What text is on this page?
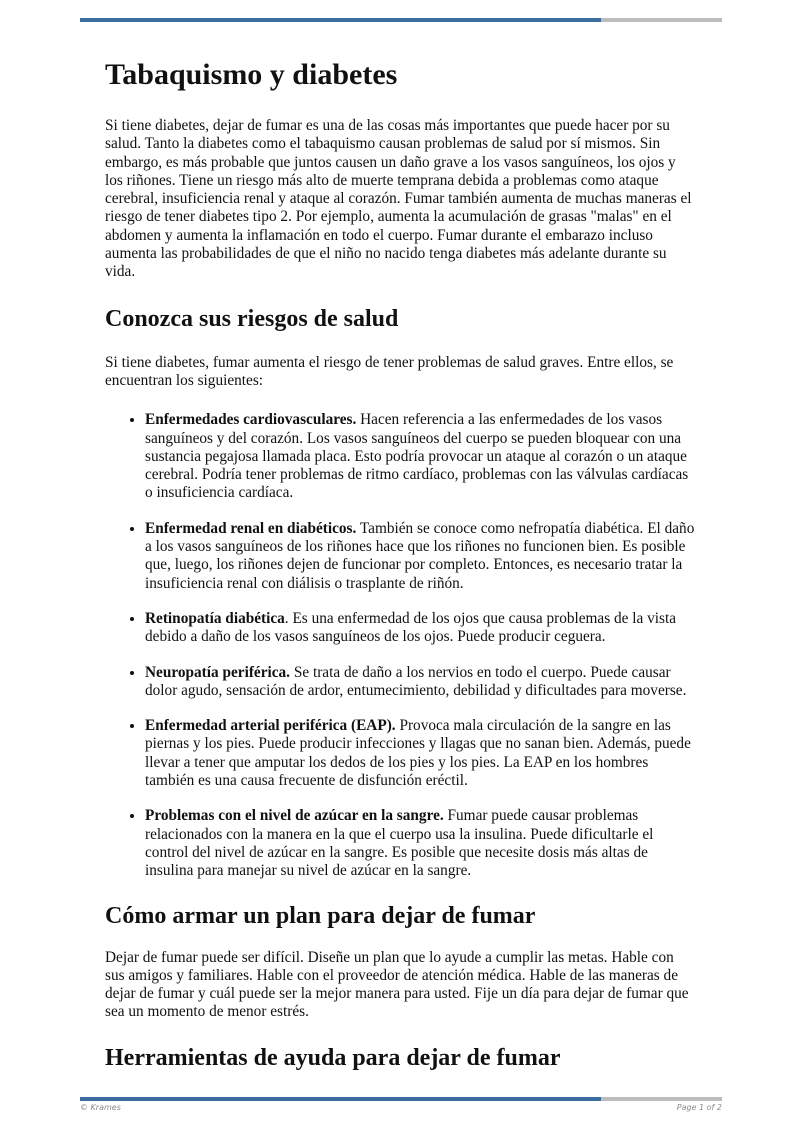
Tabaquismo y diabetes

Si tiene diabetes, dejar de fumar es una de las cosas más importantes que puede hacer por su salud. Tanto la diabetes como el tabaquismo causan problemas de salud por sí mismos. Sin embargo, es más probable que juntos causen un daño grave a los vasos sanguíneos, los ojos y los riñones. Tiene un riesgo más alto de muerte temprana debida a problemas como ataque cerebral, insuficiencia renal y ataque al corazón. Fumar también aumenta de muchas maneras el riesgo de tener diabetes tipo 2. Por ejemplo, aumenta la acumulación de grasas "malas" en el abdomen y aumenta la inflamación en todo el cuerpo. Fumar durante el embarazo incluso aumenta las probabilidades de que el niño no nacido tenga diabetes más adelante durante su vida.

Conozca sus riesgos de salud

Si tiene diabetes, fumar aumenta el riesgo de tener problemas de salud graves. Entre ellos, se encuentran los siguientes:

• Enfermedades cardiovasculares. Hacen referencia a las enfermedades de los vasos sanguíneos y del corazón. Los vasos sanguíneos del cuerpo se pueden bloquear con una sustancia pegajosa llamada placa. Esto podría provocar un ataque al corazón o un ataque cerebral. Podría tener problemas de ritmo cardíaco, problemas con las válvulas cardíacas o insuficiencia cardíaca.
• Enfermedad renal en diabéticos. También se conoce como nefropatía diabética. El daño a los vasos sanguíneos de los riñones hace que los riñones no funcionen bien. Es posible que, luego, los riñones dejen de funcionar por completo. Entonces, es necesario tratar la insuficiencia renal con diálisis o trasplante de riñón.
• Retinopatía diabética. Es una enfermedad de los ojos que causa problemas de la vista debido a daño de los vasos sanguíneos de los ojos. Puede producir ceguera.
• Neuropatía periférica. Se trata de daño a los nervios en todo el cuerpo. Puede causar dolor agudo, sensación de ardor, entumecimiento, debilidad y dificultades para moverse.
• Enfermedad arterial periférica (EAP). Provoca mala circulación de la sangre en las piernas y los pies. Puede producir infecciones y llagas que no sanan bien. Además, puede llevar a tener que amputar los dedos de los pies y los pies. La EAP en los hombres también es una causa frecuente de disfunción eréctil.
• Problemas con el nivel de azúcar en la sangre. Fumar puede causar problemas relacionados con la manera en la que el cuerpo usa la insulina. Puede dificultarle el control del nivel de azúcar en la sangre. Es posible que necesite dosis más altas de insulina para manejar su nivel de azúcar en la sangre.
Cómo armar un plan para dejar de fumar

Dejar de fumar puede ser difícil. Diseñe un plan que lo ayude a cumplir las metas. Hable con sus amigos y familiares. Hable con el proveedor de atención médica. Hable de las maneras de dejar de fumar y cuál puede ser la mejor manera para usted. Fije un día para dejar de fumar que sea un momento de menor estrés.

Herramientas de ayuda para dejar de fumar
© Krames	Page 1 of 2
